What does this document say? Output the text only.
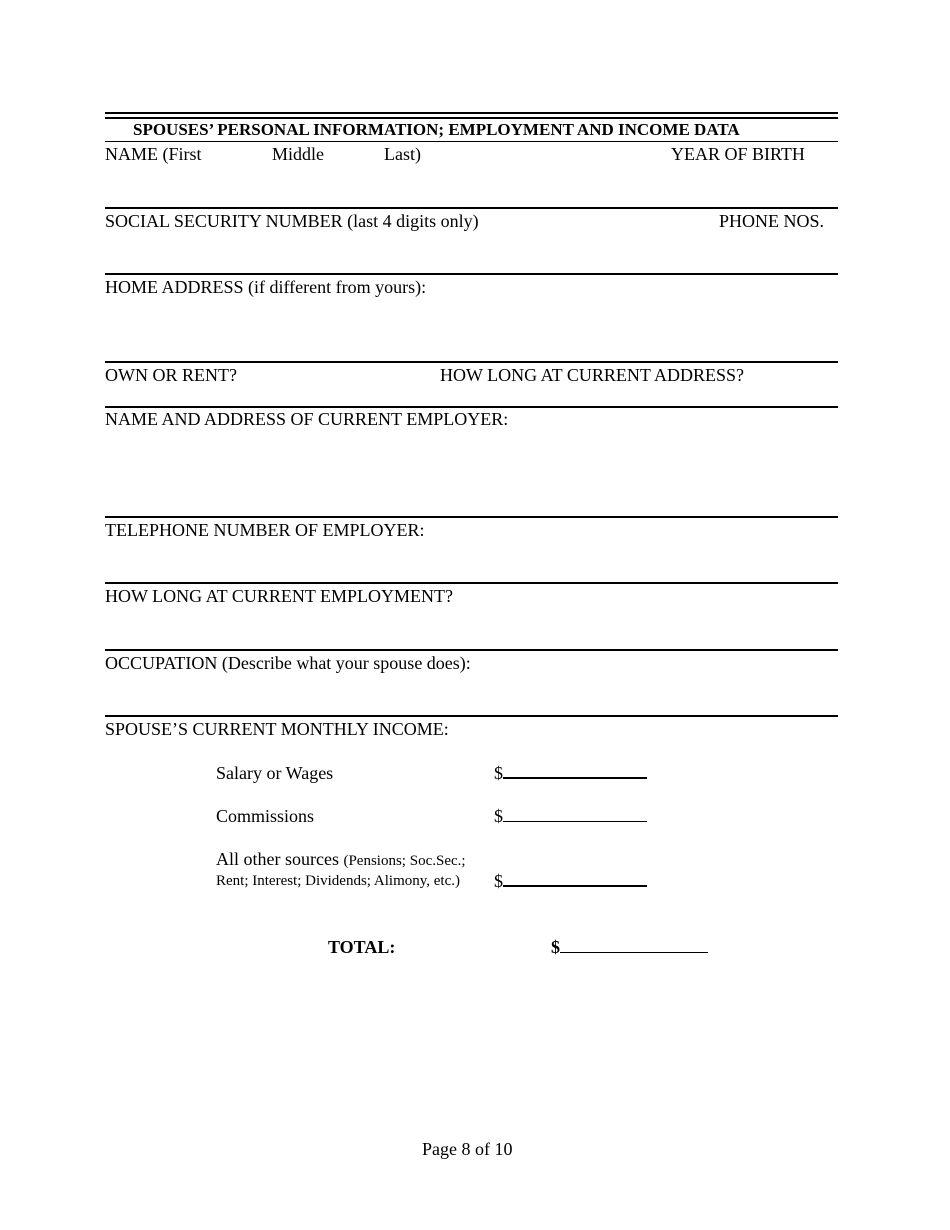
SPOUSES’ PERSONAL INFORMATION; EMPLOYMENT AND INCOME DATA
NAME (First	Middle	Last)	YEAR OF BIRTH
SOCIAL SECURITY NUMBER (last 4 digits only)	PHONE NOS.
HOME ADDRESS (if different from yours):
OWN OR RENT?	HOW LONG AT CURRENT ADDRESS?
NAME AND ADDRESS OF CURRENT EMPLOYER:
TELEPHONE NUMBER OF EMPLOYER:
HOW LONG AT CURRENT EMPLOYMENT?
OCCUPATION (Describe what your spouse does):
SPOUSE’S CURRENT MONTHLY INCOME:
Salary or Wages	$
Commissions	$
All other sources (Pensions; Soc.Sec.;
Rent; Interest; Dividends; Alimony, etc.) $
TOTAL:	$
Page 8 of 10
